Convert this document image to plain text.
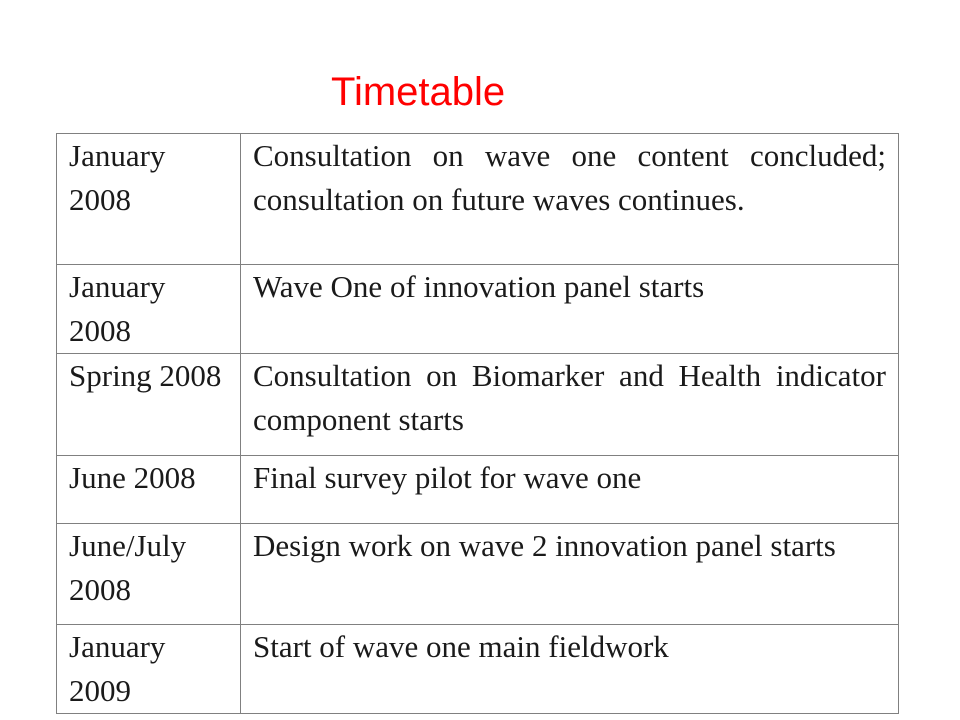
Timetable
January 2008	Consultation on wave one content concluded; consultation on future waves continues.
January 2008	Wave One of innovation panel starts
Spring 2008	Consultation on Biomarker and Health indicator component starts
June 2008	Final survey pilot for wave one
June/July 2008	Design work on wave 2 innovation panel starts
January 2009	Start of wave one main fieldwork
